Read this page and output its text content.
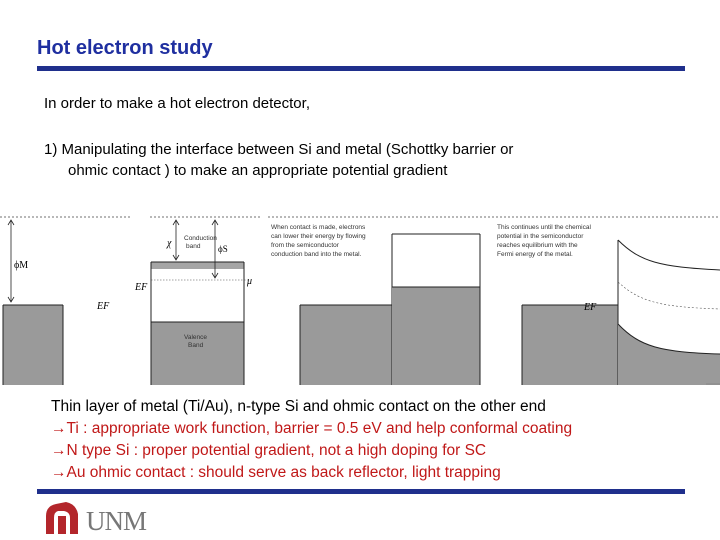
Hot electron study
In order to make a hot electron detector,
1) Manipulating the interface between Si and metal (Schottky barrier or
ohmic contact ) to make an appropriate potential gradient
ϕM
EF
χ Conduction
band ϕS
μ
EF
Valence
Band
When contact is made, electrons
can lower their energy by flowing
from the semiconductor
conduction band into the metal.
This continues until the chemical
potential in the semiconductor
reaches equilibrium with the
Fermi energy of the metal.
EF
Thin layer of metal (Ti/Au), n-type Si and ohmic contact on the other end
→Ti : appropriate work function, barrier = 0.5 eV and help conformal coating
→N type Si : proper potential gradient, not a high doping for SC
→Au ohmic contact : should serve as back reflector, light trapping
UNM
